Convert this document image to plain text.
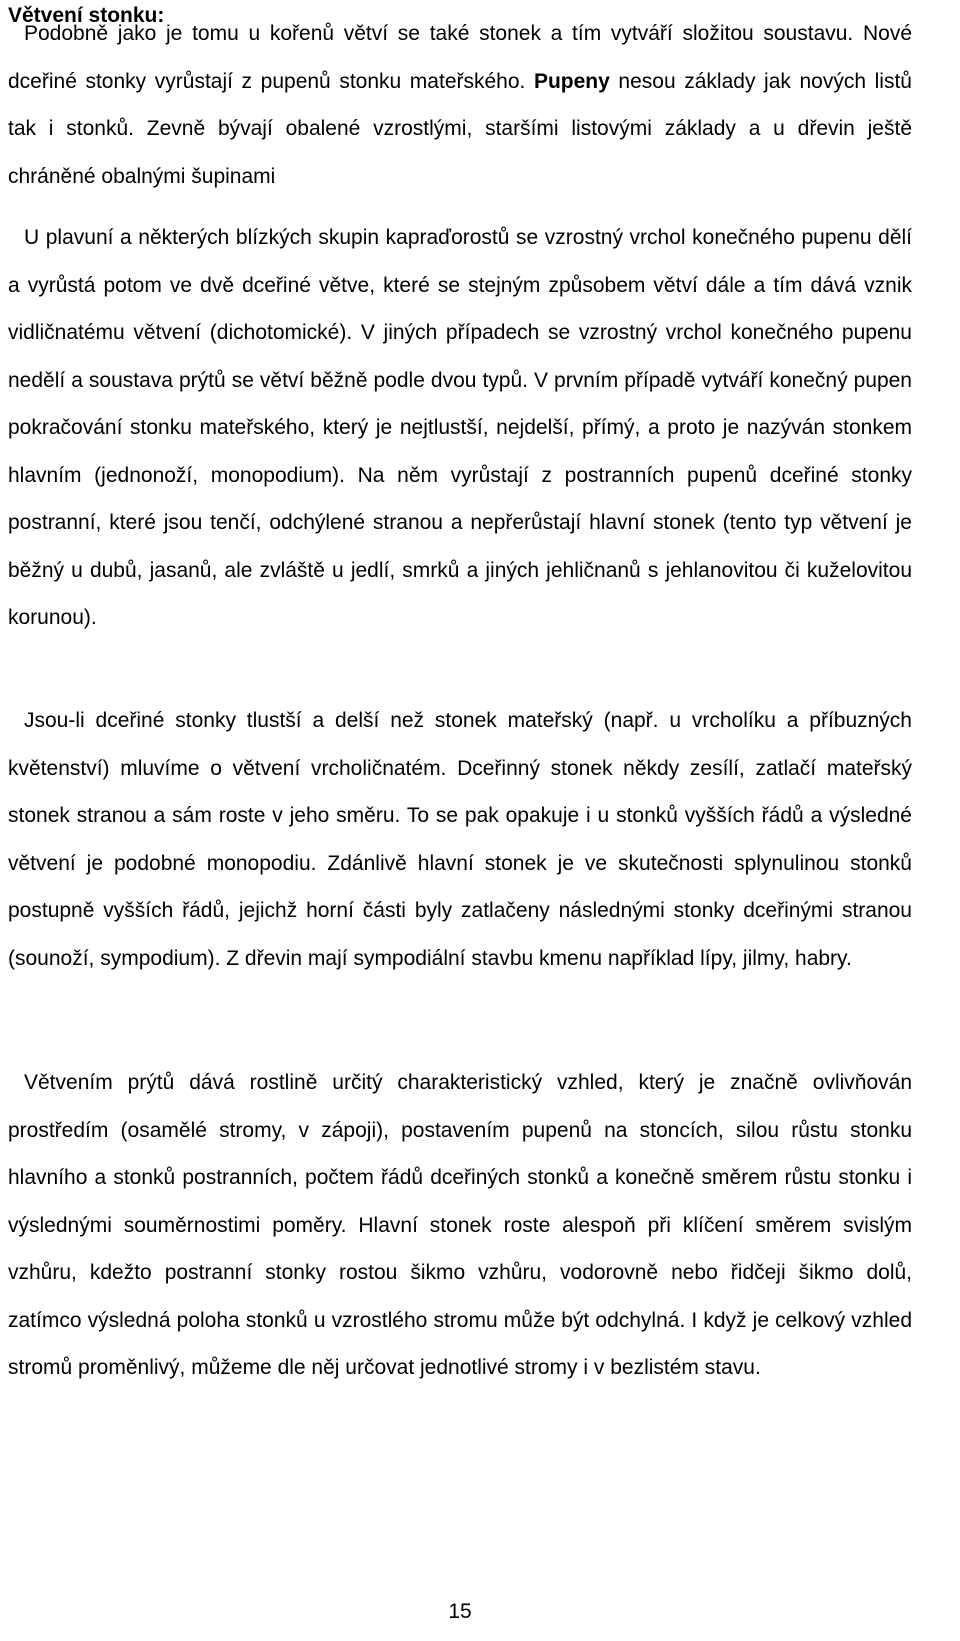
Větvení stonku:

Podobně jako je tomu u kořenů větví se také stonek a tím vytváří složitou soustavu. Nové dceřiné stonky vyrůstají z pupenů stonku mateřského. Pupeny nesou základy jak nových listů tak i stonků. Zevně bývají obalené vzrostlými, staršími listovými základy a u dřevin ještě chráněné obalnými šupinami

U plavuní a některých blízkých skupin kapraďorostů se vzrostný vrchol konečného pupenu dělí a vyrůstá potom ve dvě dceřiné větve, které se stejným způsobem větví dále a tím dává vznik vidličnatému větvení (dichotomické). V jiných případech se vzrostný vrchol konečného pupenu nedělí a soustava prýtů se větví běžně podle dvou typů. V prvním případě vytváří konečný pupen pokračování stonku mateřského, který je nejtlustší, nejdelší, přímý, a proto je nazýván stonkem hlavním (jednonoží, monopodium). Na něm vyrůstají z postranních pupenů dceřiné stonky postranní, které jsou tenčí, odchýlené stranou a nepřerůstají hlavní stonek (tento typ větvení je běžný u dubů, jasanů, ale zvláště u jedlí, smrků a jiných jehličnanů s jehlanovitou či kuželovitou korunou).

Jsou-li dceřiné stonky tlustší a delší než stonek mateřský (např. u vrcholíku a příbuzných květenství) mluvíme o větvení vrcholičnatém. Dceřinný stonek někdy zesílí, zatlačí mateřský stonek stranou a sám roste v jeho směru. To se pak opakuje i u stonků vyšších řádů a výsledné větvení je podobné monopodiu. Zdánlivě hlavní stonek je ve skutečnosti splynulinou stonků postupně vyšších řádů, jejichž horní části byly zatlačeny následnými stonky dceřinými stranou (sounoží, sympodium). Z dřevin mají sympodiální stavbu kmenu například lípy, jilmy, habry.

Větvením prýtů dává rostlině určitý charakteristický vzhled, který je značně ovlivňován prostředím (osamělé stromy, v zápoji), postavením pupenů na stoncích, silou růstu stonku hlavního a stonků postranních, počtem řádů dceřiných stonků a konečně směrem růstu stonku i výslednými souměrnostimi poměry. Hlavní stonek roste alespoň při klíčení směrem svislým vzhůru, kdežto postranní stonky rostou šikmo vzhůru, vodorovně nebo řidčeji šikmo dolů, zatímco výsledná poloha stonků u vzrostlého stromu může být odchylná. I když je celkový vzhled stromů proměnlivý, můžeme dle něj určovat jednotlivé stromy i v bezlistém stavu.

15
